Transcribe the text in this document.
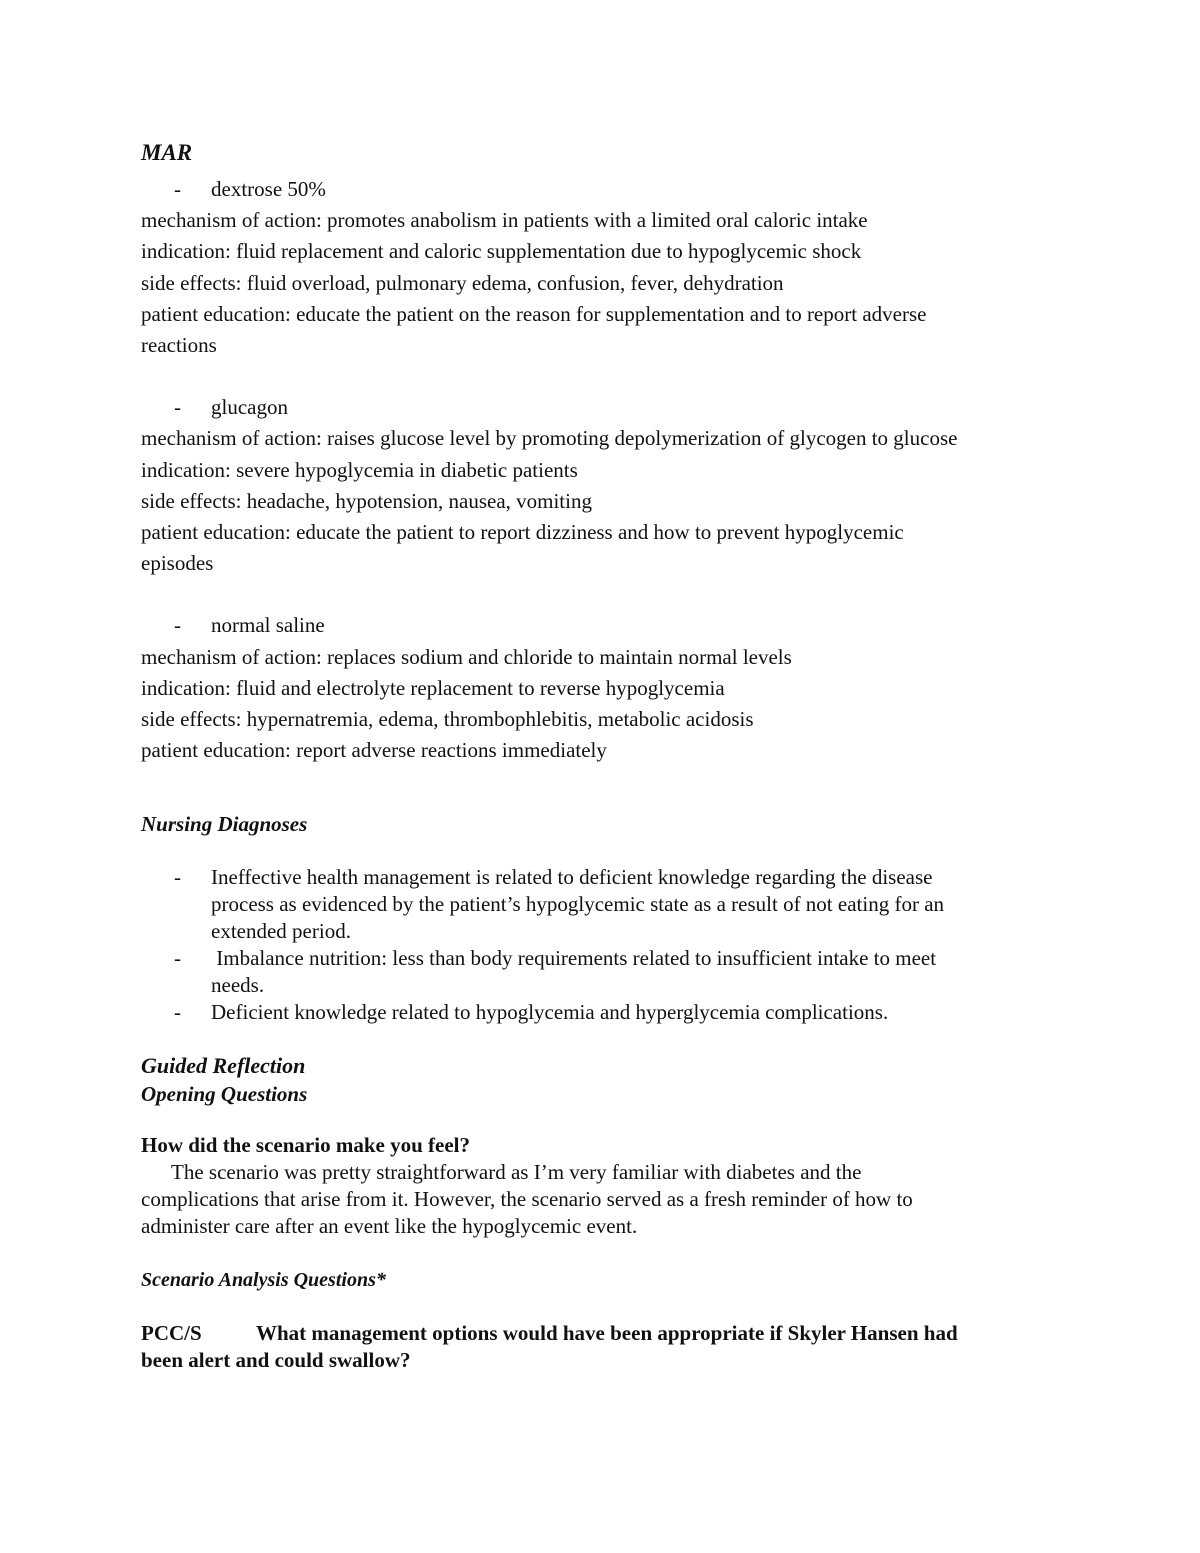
MAR
- dextrose 50%
mechanism of action: promotes anabolism in patients with a limited oral caloric intake
indication: fluid replacement and caloric supplementation due to hypoglycemic shock
side effects: fluid overload, pulmonary edema, confusion, fever, dehydration
patient education: educate the patient on the reason for supplementation and to report adverse
reactions
- glucagon
mechanism of action: raises glucose level by promoting depolymerization of glycogen to glucose
indication: severe hypoglycemia in diabetic patients
side effects: headache, hypotension, nausea, vomiting
patient education: educate the patient to report dizziness and how to prevent hypoglycemic
episodes
- normal saline
mechanism of action: replaces sodium and chloride to maintain normal levels
indication: fluid and electrolyte replacement to reverse hypoglycemia
side effects: hypernatremia, edema, thrombophlebitis, metabolic acidosis
patient education: report adverse reactions immediately
Nursing Diagnoses
- Ineffective health management is related to deficient knowledge regarding the disease
process as evidenced by the patient’s hypoglycemic state as a result of not eating for an
extended period.
- Imbalance nutrition: less than body requirements related to insufficient intake to meet
needs.
- Deficient knowledge related to hypoglycemia and hyperglycemia complications.
Guided Reflection
Opening Questions
How did the scenario make you feel?
The scenario was pretty straightforward as I’m very familiar with diabetes and the
complications that arise from it. However, the scenario served as a fresh reminder of how to
administer care after an event like the hypoglycemic event.
Scenario Analysis Questions*
PCC/S	What management options would have been appropriate if Skyler Hansen had
been alert and could swallow?
